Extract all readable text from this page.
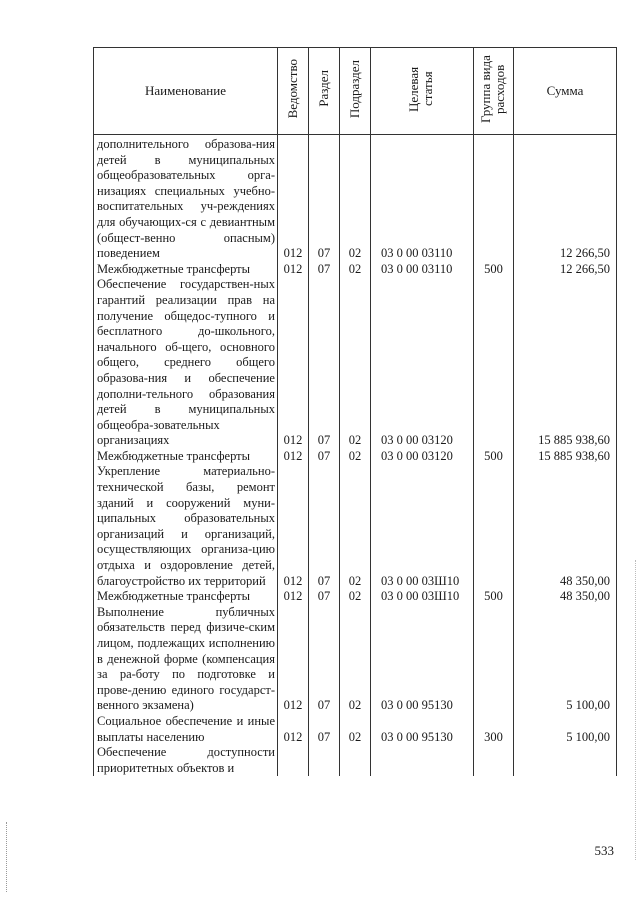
Наименование	Ведомство	Раздел	Подраздел	Целевая статья	Группа вида расходов	Сумма
дополнительного образова-ния детей в муниципальных общеобразовательных орга-низациях специальных учебно-воспитательных уч-реждениях для обучающих-ся с девиантным (общест-венно опасным) поведением	012	07	02	03 0 00 03110		12 266,50
Межбюджетные трансферты	012	07	02	03 0 00 03110	500	12 266,50
Обеспечение государствен-ных гарантий реализации прав на получение общедос-тупного и бесплатного до-школьного, начального об-щего, основного общего, среднего общего образова-ния и обеспечение дополни-тельного образования детей в муниципальных общеобра-зовательных организациях	012	07	02	03 0 00 03120		15 885 938,60
Межбюджетные трансферты	012	07	02	03 0 00 03120	500	15 885 938,60
Укрепление материально-технической базы, ремонт зданий и сооружений муни-ципальных образовательных организаций и организаций, осуществляющих организа-цию отдыха и оздоровление детей, благоустройство их территорий	012	07	02	03 0 00 03Ш10		48 350,00
Межбюджетные трансферты	012	07	02	03 0 00 03Ш10	500	48 350,00
Выполнение публичных обязательств перед физиче-ским лицом, подлежащих исполнению в денежной форме (компенсация за ра-боту по подготовке и прове-дению единого государст-венного экзамена)	012	07	02	03 0 00 95130		5 100,00
Социальное обеспечение и иные выплаты населению	012	07	02	03 0 00 95130	300	5 100,00
Обеспечение доступности приоритетных объектов и						
533
